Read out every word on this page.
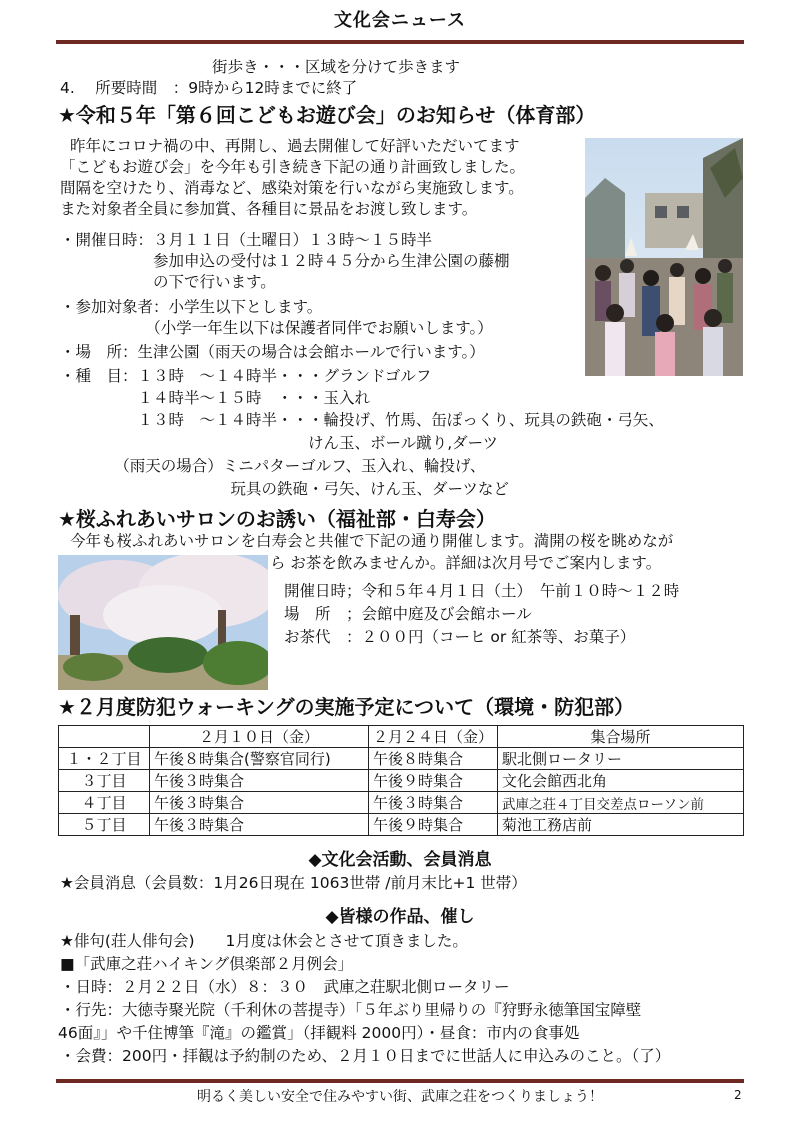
文化会ニュース
街歩き・・・区域を分けて歩きます
4.　 所要時間　：9時から12時までに終了
★令和５年「第６回こどもお遊び会」のお知らせ（体育部）
昨年にコロナ禍の中、再開し、過去開催して好評いただいてます
「こどもお遊び会」を今年も引き続き下記の通り計画致しました。
間隔を空けたり、消毒など、感染対策を行いながら実施致します。
また対象者全員に参加賞、各種目に景品をお渡し致します。
・開催日時：３月１１日（土曜日）１３時〜１５時半
　　　　　　参加申込の受付は１２時４５分から生津公園の藤棚
　　　　　　の下で行います。
・参加対象者：小学生以下とします。
　　　　　　（小学一年生以下は保護者同伴でお願いします。）
・場　所：生津公園（雨天の場合は会館ホールで行います。）
・種　目：１３時　〜１４時半・・・グランドゴルフ
　　　　　１４時半〜１５時　・・・玉入れ
　　　　　１３時　〜１４時半・・・輪投げ、竹馬、缶ぽっくり、玩具の鉄砲・弓矢、
　　　　　　　　　　　　　　　　けん玉、ボール蹴り,ダーツ
　　　　（雨天の場合）ミニパターゴルフ、玉入れ、輪投げ、
　　　　　　　　　　　玩具の鉄砲・弓矢、けん玉、ダーツなど
★桜ふれあいサロンのお誘い（福祉部・白寿会）
今年も桜ふれあいサロンを白寿会と共催で下記の通り開催します。満開の桜を眺めなが
ら お茶を飲みませんか。詳細は次月号でご案内します。
開催日時；令和５年４月１日（土）　午前１０時〜１２時
場　所　；会館中庭及び会館ホール
お茶代　：２００円（コーヒ or 紅茶等、お菓子）
★２月度防犯ウォーキングの実施予定について（環境・防犯部）
	２月１０日（金）	２月２４日（金）	集合場所
１・２丁目	午後８時集合(警察官同行)	午後８時集合	駅北側ロータリー
３丁目	午後３時集合	午後９時集合	文化会館西北角
４丁目	午後３時集合	午後３時集合	武庫之荘４丁目交差点ローソン前
５丁目	午後３時集合	午後９時集合	菊池工務店前
◆文化会活動、会員消息
★会員消息（会員数：1月26日現在 1063世帯 /前月末比+1 世帯）
◆皆様の作品、催し
★俳句(荘人俳句会)　　1月度は休会とさせて頂きました。
■「武庫之荘ハイキング倶楽部２月例会」
・日時：２月２２日（水）８：３０　武庫之荘駅北側ロータリー
・行先：大徳寺聚光院（千利休の菩提寺）「５年ぶり里帰りの『狩野永徳筆国宝障壁
46面』」や千住博筆『滝』の鑑賞」（拝観料 2000円）・昼食：市内の食事処
・会費：200円・拝観は予約制のため、２月１０日までに世話人に申込みのこと。（了）
明るく美しい安全で住みやすい街、武庫之荘をつくりましょう！	2
